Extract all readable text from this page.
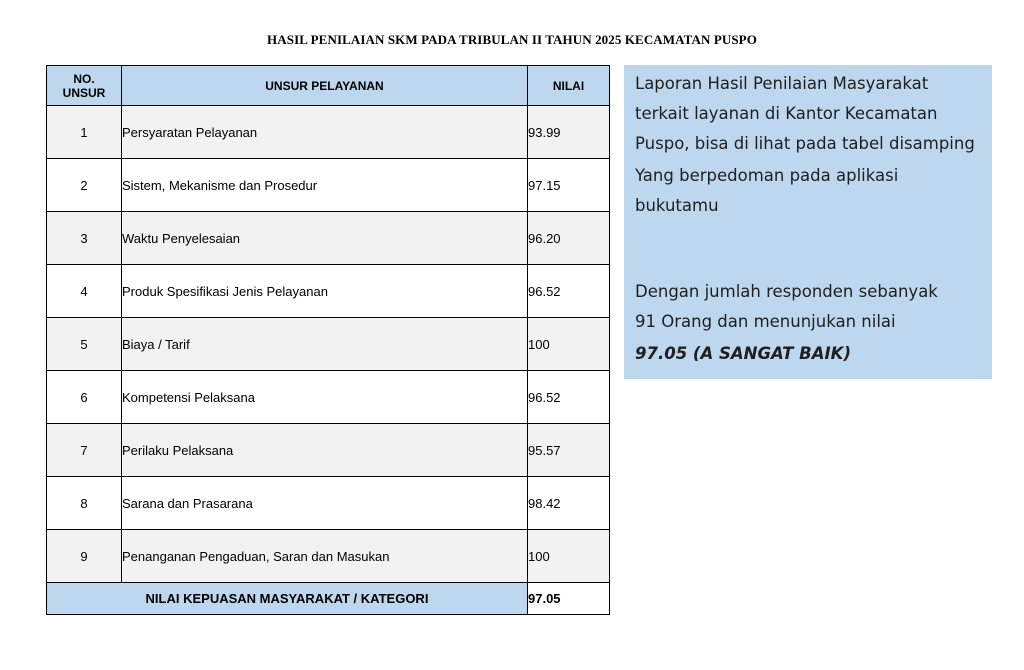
HASIL PENILAIAN SKM PADA TRIBULAN II TAHUN 2025 KECAMATAN PUSPO
NO.
UNSUR	UNSUR PELAYANAN	NILAI
1	Persyaratan Pelayanan	93.99
2	Sistem, Mekanisme dan Prosedur	97.15
3	Waktu Penyelesaian	96.20
4	Produk Spesifikasi Jenis Pelayanan	96.52
5	Biaya / Tarif	100
6	Kompetensi Pelaksana	96.52
7	Perilaku Pelaksana	95.57
8	Sarana dan Prasarana	98.42
9	Penanganan Pengaduan, Saran dan Masukan	100
NILAI KEPUASAN MASYARAKAT / KATEGORI		97.05

Laporan Hasil Penilaian Masyarakat
terkait layanan di Kantor Kecamatan
Puspo, bisa di lihat pada tabel disamping

Yang berpedoman pada aplikasi
bukutamu

Dengan jumlah responden sebanyak
91 Orang dan menunjukan nilai

97.05 (A SANGAT BAIK)
